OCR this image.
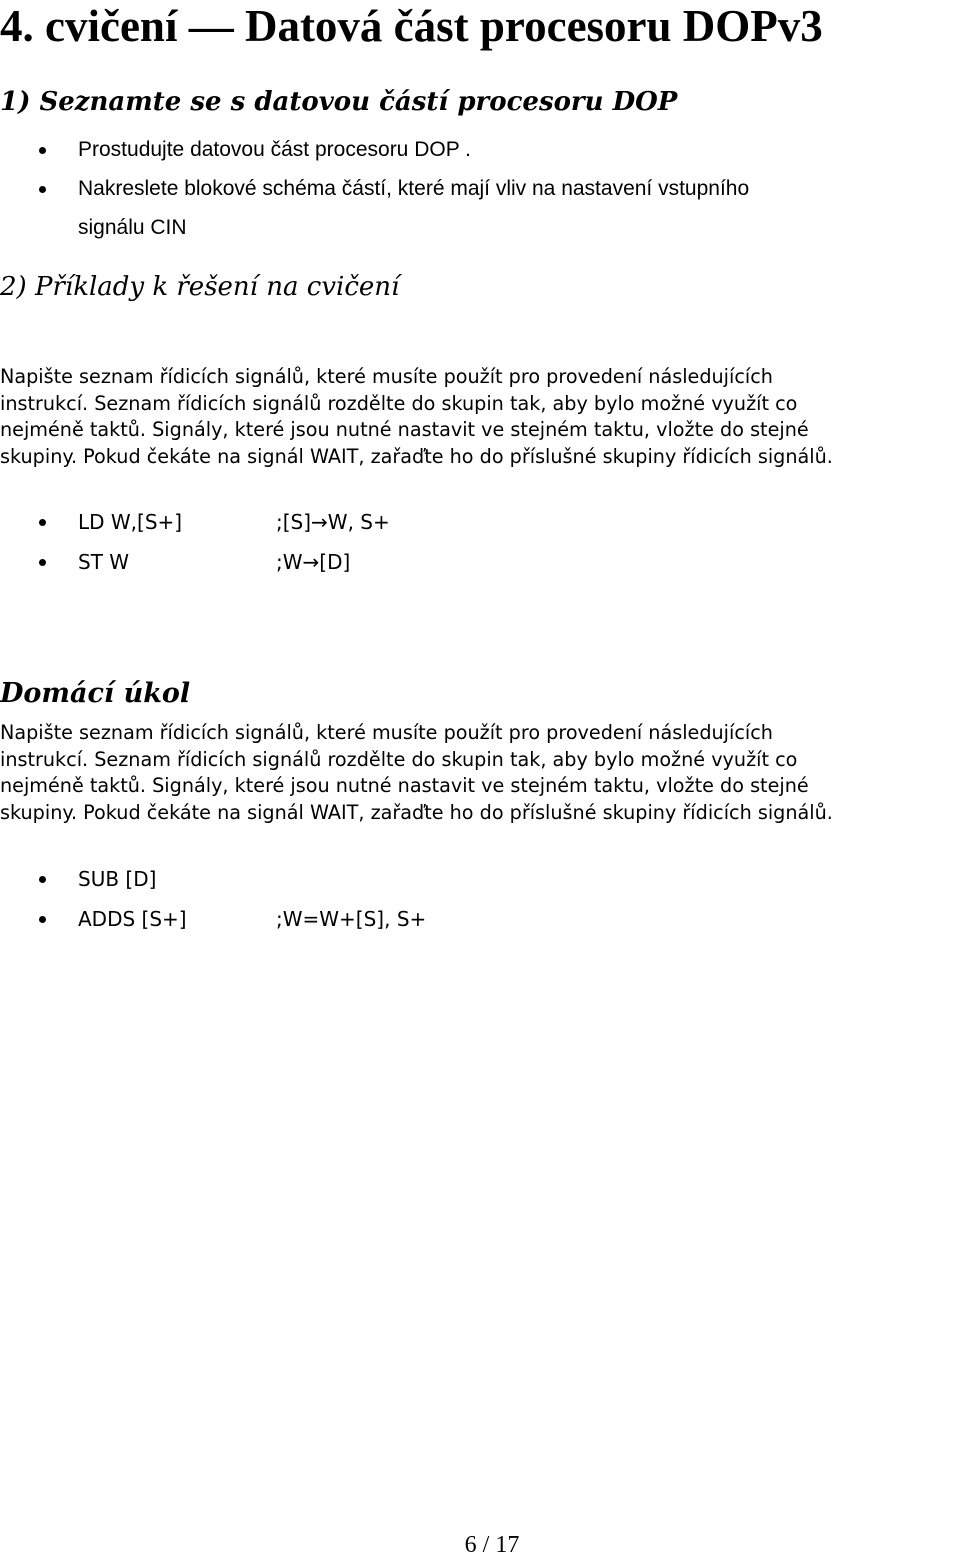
4. cvičení — Datová část procesoru DOPv3
1) Seznamte se s datovou částí procesoru DOP
Prostudujte datovou část procesoru DOP .
Nakreslete blokové schéma částí, které mají vliv na nastavení vstupního
signálu CIN
2) Příklady k řešení na cvičení
Napište seznam řídicích signálů, které musíte použít pro provedení následujících
instrukcí. Seznam řídicích signálů rozdělte do skupin tak, aby bylo možné využít co
nejméně taktů. Signály, které jsou nutné nastavit ve stejném taktu, vložte do stejné
skupiny. Pokud čekáte na signál WAIT, zařaďte ho do příslušné skupiny řídicích signálů.
LD W,[S+]	;[S]→W, S+
ST W	;W→[D]
Domácí úkol
Napište seznam řídicích signálů, které musíte použít pro provedení následujících
instrukcí. Seznam řídicích signálů rozdělte do skupin tak, aby bylo možné využít co
nejméně taktů. Signály, které jsou nutné nastavit ve stejném taktu, vložte do stejné
skupiny. Pokud čekáte na signál WAIT, zařaďte ho do příslušné skupiny řídicích signálů.
SUB [D]
ADDS [S+]	;W=W+[S], S+
6 / 17
